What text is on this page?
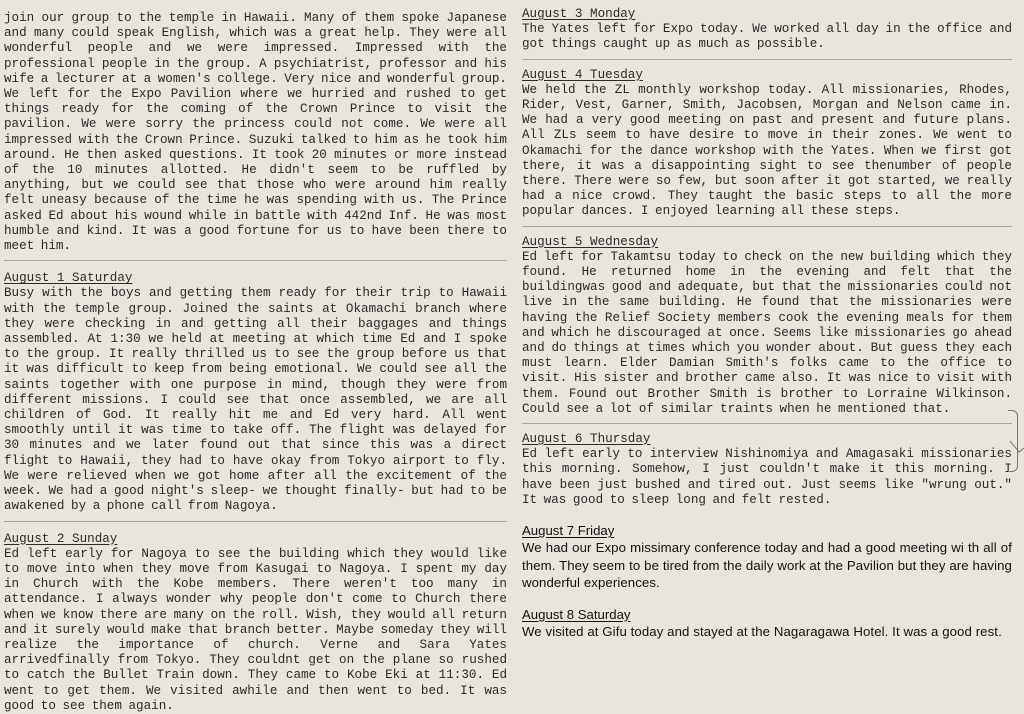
join our group to the temple in Hawaii. Many of them spoke Japanese and many could speak English, which was a great help. They were all wonderful people and we were impressed. Impressed with the professional people in the group. A psychiatrist, professor and his wife a lecturer at a women's college. Very nice and wonderful group. We left for the Expo Pavilion where we hurried and rushed to get things ready for the coming of the Crown Prince to visit the pavilion. We were sorry the princess could not come. We were all impressed with the Crown Prince. Suzuki talked to him as he took him around. He then asked questions. It took 20 minutes or more instead of the 10 minutes allotted. He didn't seem to be ruffled by anything, but we could see that those who were around him really felt uneasy because of the time he was spending with us. The Prince asked Ed about his wound while in battle with 442nd Inf. He was most humble and kind. It was a good fortune for us to have been there to meet him.

August 1 Saturday

Busy with the boys and getting them ready for their trip to Hawaii with the temple group. Joined the saints at Okamachi branch where they were checking in and getting all their baggages and things assembled. At 1:30 we held at meeting at which time Ed and I spoke to the group. It really thrilled us to see the group before us that it was difficult to keep from being emotional. We could see all the saints together with one purpose in mind, though they were from different missions. I could see that once assembled, we are all children of God. It really hit me and Ed very hard. All went smoothly until it was time to take off. The flight was delayed for 30 minutes and we later found out that since this was a direct flight to Hawaii, they had to have okay from Tokyo airport to fly. We were relieved when we got home after all the excitement of the week. We had a good night's sleep- we thought finally- but had to be awakened by a phone call from Nagoya.

August 2 Sunday

Ed left early for Nagoya to see the building which they would like to move into when they move from Kasugai to Nagoya. I spent my day in Church with the Kobe members. There weren't too many in attendance. I always wonder why people don't come to Church there when we know there are many on the roll. Wish, they would all return and it surely would make that branch better. Maybe someday they will realize the importance of church. Verne and Sara Yates arrivedfinally from Tokyo. They couldnt get on the plane so rushed to catch the Bullet Train down. They came to Kobe Eki at 11:30. Ed went to get them. We visited awhile and then went to bed. It was good to see them again.

August 3 Monday

The Yates left for Expo today. We worked all day in the office and got things caught up as much as possible.

August 4 Tuesday

We held the ZL monthly workshop today. All missionaries, Rhodes, Rider, Vest, Garner, Smith, Jacobsen, Morgan and Nelson came in. We had a very good meeting on past and present and future plans. All ZLs seem to have desire to move in their zones. We went to Okamachi for the dance workshop with the Yates. When we first got there, it was a disappointing sight to see thenumber of people there. There were so few, but soon after it got started, we really had a nice crowd. They taught the basic steps to all the more popular dances. I enjoyed learning all these steps.

August 5 Wednesday

Ed left for Takamtsu today to check on the new building which they found. He returned home in the evening and felt that the buildingwas good and adequate, but that the missionaries could not live in the same building. He found that the missionaries were having the Relief Society members cook the evening meals for them and which he discouraged at once. Seems like missionaries go ahead and do things at times which you wonder about. But guess they each must learn. Elder Damian Smith's folks came to the office to visit. His sister and brother came also. It was nice to visit with them. Found out Brother Smith is brother to Lorraine Wilkinson. Could see a lot of similar traints when he mentioned that.

August 6 Thursday

Ed left early to interview Nishinomiya and Amagasaki missionaries this morning. Somehow, I just couldn't make it this morning. I have been just bushed and tired out. Just seems like "wrung out." It was good to sleep long and felt rested.

August 7 Friday

We had our Expo missimary conference today and had a good meeting wi th all of them. They seem to be tired from the daily work at the Pavilion but they are having wonderful experiences.

August 8 Saturday

We visited at Gifu today and stayed at the Nagaragawa Hotel. It was a good rest.
